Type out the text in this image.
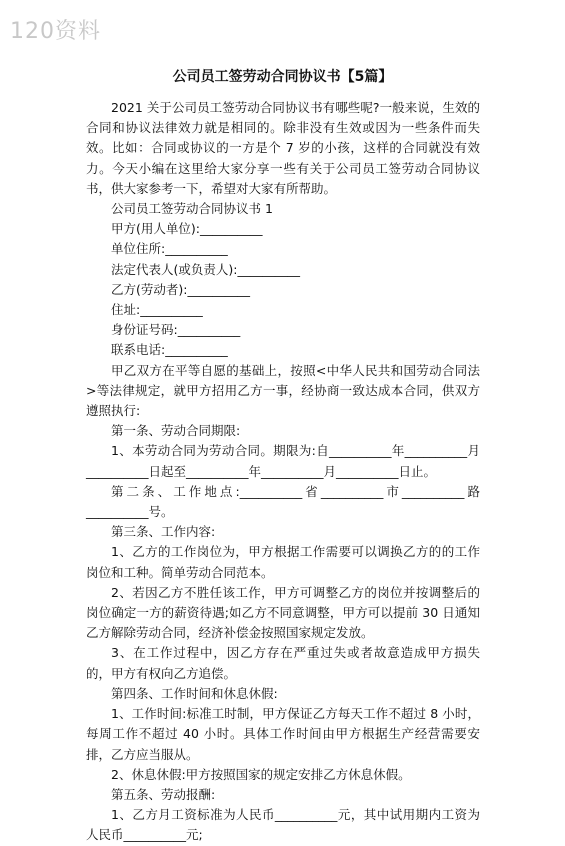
120资料
公司员工签劳动合同协议书【5篇】

2021 关于公司员工签劳动合同协议书有哪些呢?一般来说，生效的合同和协议法律效力就是相同的。除非没有生效或因为一些条件而失效。比如：合同或协议的一方是个 7 岁的小孩，这样的合同就没有效力。今天小编在这里给大家分享一些有关于公司员工签劳动合同协议书，供大家参考一下，希望对大家有所帮助。

公司员工签劳动合同协议书 1

甲方(用人单位):__________

单位住所:__________

法定代表人(或负责人):__________

乙方(劳动者):__________

住址:__________

身份证号码:__________

联系电话:__________

甲乙双方在平等自愿的基础上，按照<中华人民共和国劳动合同法>等法律规定，就甲方招用乙方一事，经协商一致达成本合同，供双方遵照执行:

第一条、劳动合同期限:

1、本劳动合同为劳动合同。期限为:自__________年__________月__________日起至__________年__________月__________日止。

第二条、工作地点:__________省__________市__________路__________号。

第三条、工作内容:

1、乙方的工作岗位为，甲方根据工作需要可以调换乙方的的工作岗位和工种。简单劳动合同范本。

2、若因乙方不胜任该工作，甲方可调整乙方的岗位并按调整后的岗位确定一方的薪资待遇;如乙方不同意调整，甲方可以提前 30 日通知乙方解除劳动合同，经济补偿金按照国家规定发放。

3、在工作过程中，因乙方存在严重过失或者故意造成甲方损失的，甲方有权向乙方追偿。

第四条、工作时间和休息休假:

1、工作时间:标准工时制，甲方保证乙方每天工作不超过 8 小时，每周工作不超过 40 小时。具体工作时间由甲方根据生产经营需要安排，乙方应当服从。

2、休息休假:甲方按照国家的规定安排乙方休息休假。

第五条、劳动报酬:

1、乙方月工资标准为人民币__________元，其中试用期内工资为人民币__________元;
